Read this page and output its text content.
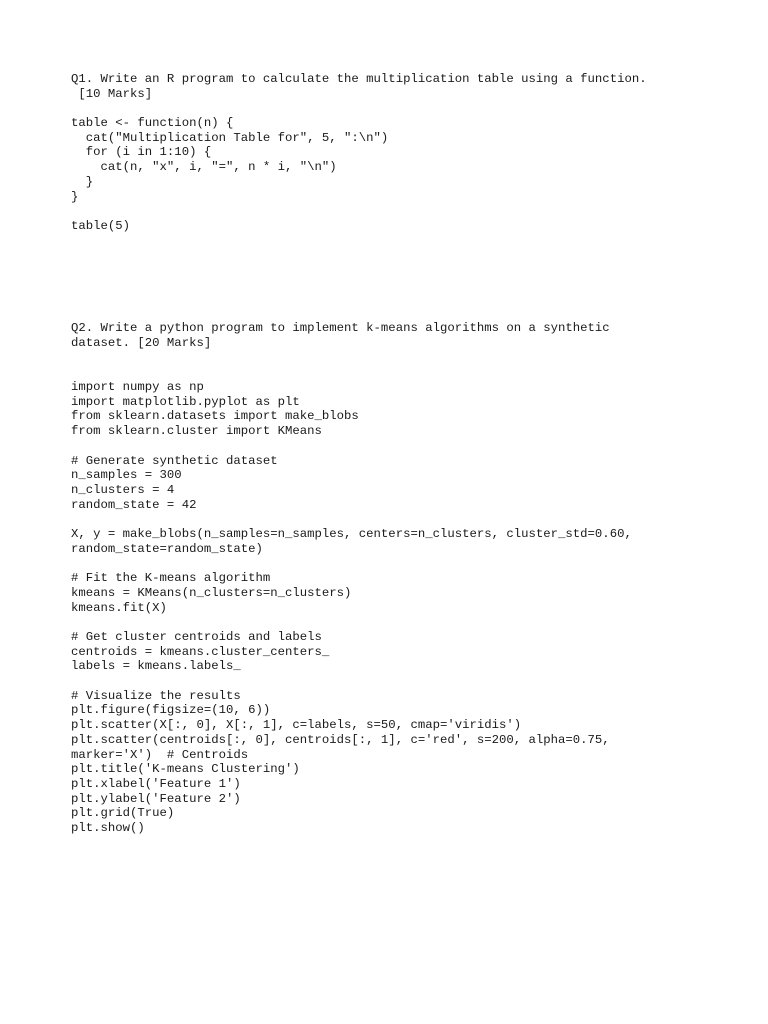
Q1. Write an R program to calculate the multiplication table using a function.
[10 Marks]
table <- function(n) {
cat("Multiplication Table for", 5, ":\n")
for (i in 1:10) {
cat(n, "x", i, "=", n * i, "\n")
}
}

table(5)
Q2. Write a python program to implement k-means algorithms on a synthetic
dataset. [20 Marks]
import numpy as np
import matplotlib.pyplot as plt
from sklearn.datasets import make_blobs
from sklearn.cluster import KMeans

# Generate synthetic dataset
n_samples = 300
n_clusters = 4
random_state = 42

X, y = make_blobs(n_samples=n_samples, centers=n_clusters, cluster_std=0.60,
random_state=random_state)

# Fit the K-means algorithm
kmeans = KMeans(n_clusters=n_clusters)
kmeans.fit(X)

# Get cluster centroids and labels
centroids = kmeans.cluster_centers_
labels = kmeans.labels_

# Visualize the results
plt.figure(figsize=(10, 6))
plt.scatter(X[:, 0], X[:, 1], c=labels, s=50, cmap='viridis')
plt.scatter(centroids[:, 0], centroids[:, 1], c='red', s=200, alpha=0.75,
marker='X')  # Centroids
plt.title('K-means Clustering')
plt.xlabel('Feature 1')
plt.ylabel('Feature 2')
plt.grid(True)
plt.show()
